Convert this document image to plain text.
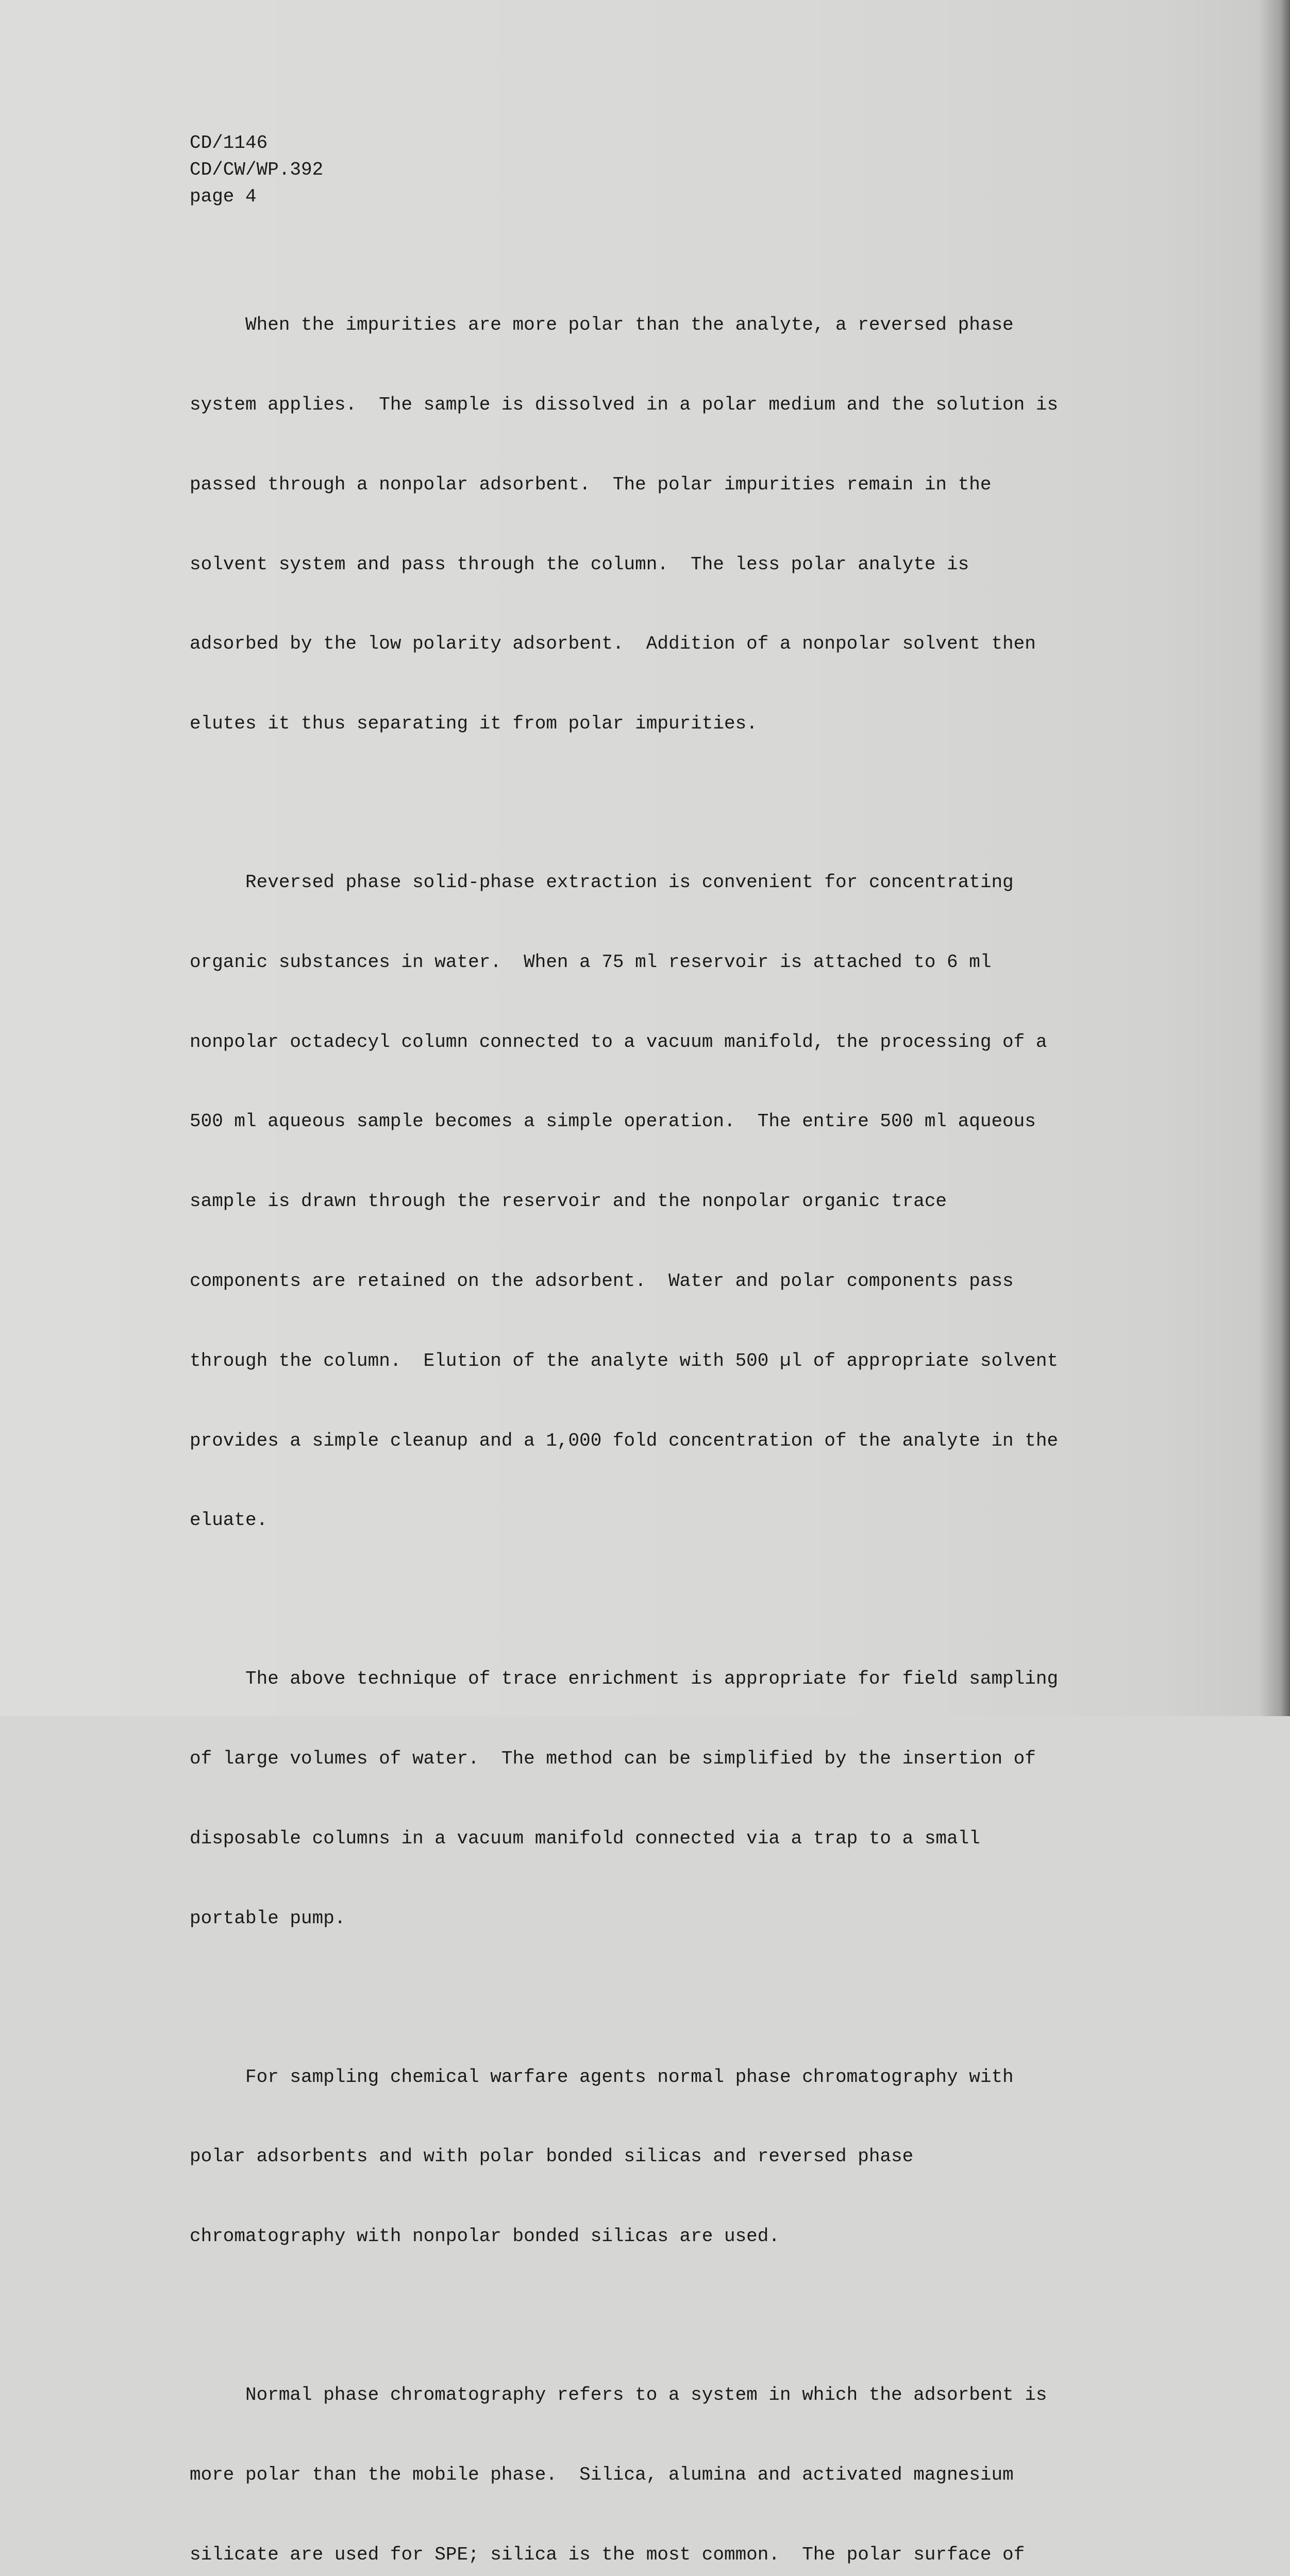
CD/1146
CD/CW/WP.392
page 4

When the impurities are more polar than the analyte, a reversed phase

system applies.  The sample is dissolved in a polar medium and the solution is

passed through a nonpolar adsorbent.  The polar impurities remain in the

solvent system and pass through the column.  The less polar analyte is

adsorbed by the low polarity adsorbent.  Addition of a nonpolar solvent then

elutes it thus separating it from polar impurities.

Reversed phase solid-phase extraction is convenient for concentrating

organic substances in water.  When a 75 ml reservoir is attached to 6 ml

nonpolar octadecyl column connected to a vacuum manifold, the processing of a

500 ml aqueous sample becomes a simple operation.  The entire 500 ml aqueous

sample is drawn through the reservoir and the nonpolar organic trace

components are retained on the adsorbent.  Water and polar components pass

through the column.  Elution of the analyte with 500 µl of appropriate solvent

provides a simple cleanup and a 1,000 fold concentration of the analyte in the

eluate.

The above technique of trace enrichment is appropriate for field sampling

of large volumes of water.  The method can be simplified by the insertion of

disposable columns in a vacuum manifold connected via a trap to a small

portable pump.

For sampling chemical warfare agents normal phase chromatography with

polar adsorbents and with polar bonded silicas and reversed phase

chromatography with nonpolar bonded silicas are used.

Normal phase chromatography refers to a system in which the adsorbent is

more polar than the mobile phase.  Silica, alumina and activated magnesium

silicate are used for SPE; silica is the most common.  The polar surface of
